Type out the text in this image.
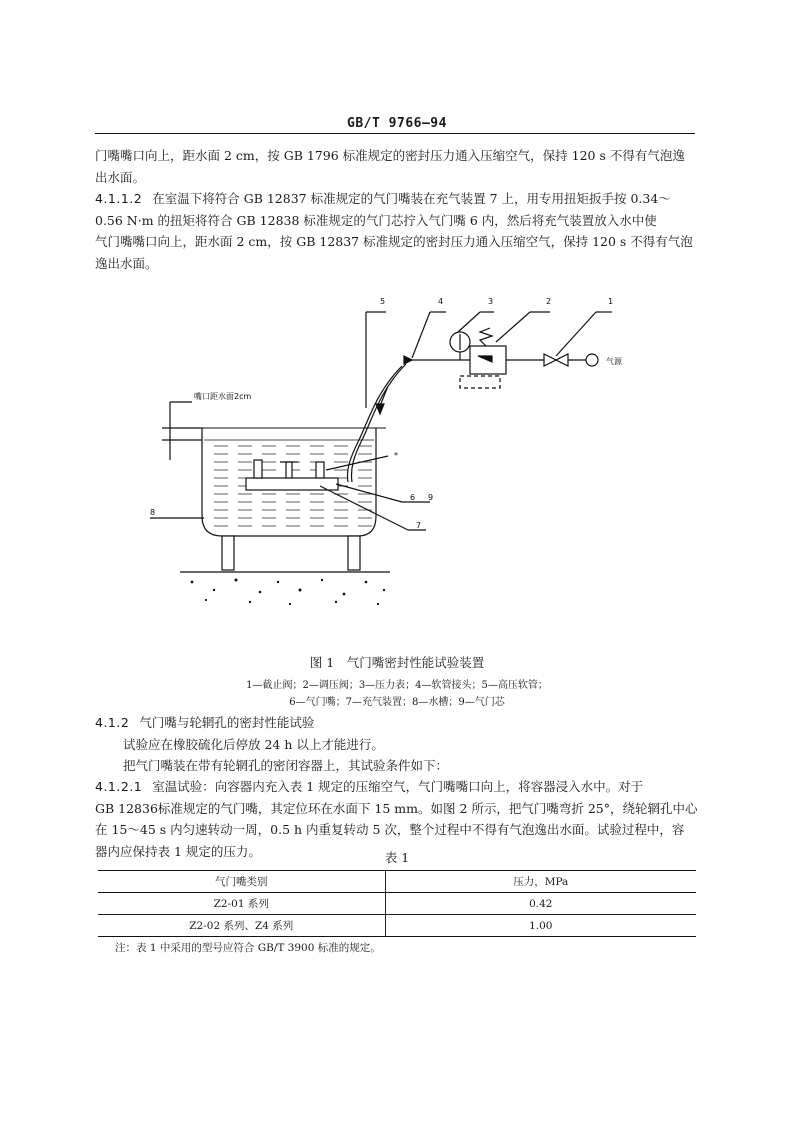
GB/T 9766—94
门嘴嘴口向上，距水面 2 cm，按 GB 1796 标准规定的密封压力通入压缩空气，保持 120 s 不得有气泡逸
出水面。
4.1.1.2 在室温下将符合 GB 12837 标准规定的气门嘴装在充气装置 7 上，用专用扭矩扳手按 0.34～
0.56 N·m 的扭矩将符合 GB 12838 标准规定的气门芯拧入气门嘴 6 内，然后将充气装置放入水中使
气门嘴嘴口向上，距水面 2 cm，按 GB 12837 标准规定的密封压力通入压缩空气，保持 120 s 不得有气泡
逸出水面。
5	4	3	2	1
气源
*
6 9
7
8
嘴口距水面2cm
图 1　气门嘴密封性能试验装置
1—截止阀；2—调压阀；3—压力表；4—软管接头；5—高压软管；
6—气门嘴；7—充气装置；8—水槽；9—气门芯
4.1.2 气门嘴与轮辋孔的密封性能试验
试验应在橡胶硫化后停放 24 h 以上才能进行。
把气门嘴装在带有轮辋孔的密闭容器上，其试验条件如下：
4.1.2.1 室温试验：向容器内充入表 1 规定的压缩空气，气门嘴嘴口向上，将容器浸入水中。对于
GB 12836标准规定的气门嘴，其定位环在水面下 15 mm。如图 2 所示，把气门嘴弯折 25°，绕轮辋孔中心
在 15～45 s 内匀速转动一周，0.5 h 内重复转动 5 次，整个过程中不得有气泡逸出水面。试验过程中，容
器内应保持表 1 规定的压力。	表 1
气门嘴类别	压力，MPa
Z2-01 系列	0.42
Z2-02 系列、Z4 系列	1.00
注：表 1 中采用的型号应符合 GB/T 3900 标准的规定。
